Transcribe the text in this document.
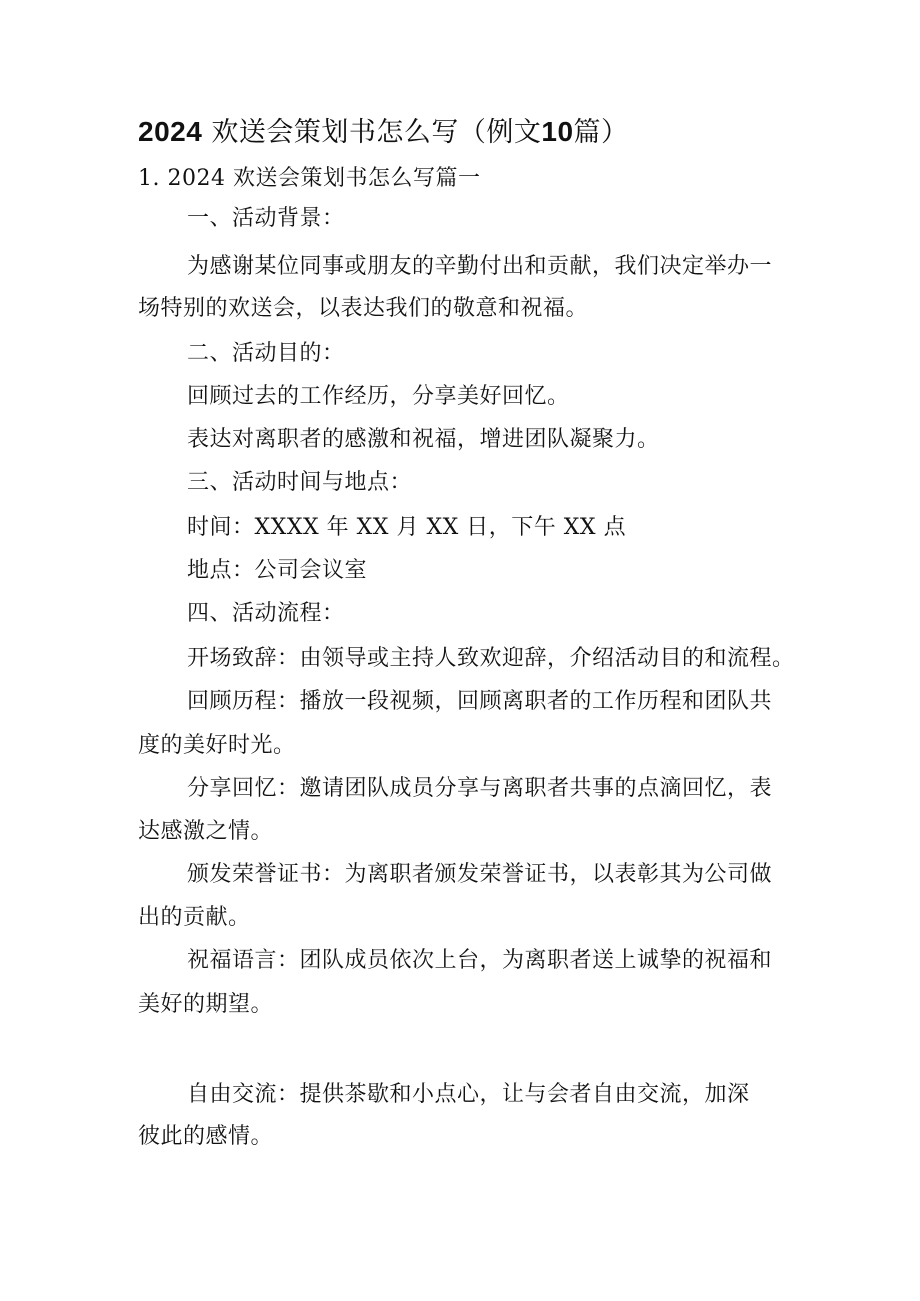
2024 欢送会策划书怎么写（例文10篇）
1. 2024 欢送会策划书怎么写篇一

一、活动背景：

为感谢某位同事或朋友的辛勤付出和贡献，我们决定举办一

场特别的欢送会，以表达我们的敬意和祝福。

二、活动目的：

回顾过去的工作经历，分享美好回忆。

表达对离职者的感激和祝福，增进团队凝聚力。

三、活动时间与地点：

时间：XXXX 年 XX 月 XX 日，下午 XX 点

地点：公司会议室

四、活动流程：

开场致辞：由领导或主持人致欢迎辞，介绍活动目的和流程。

回顾历程：播放一段视频，回顾离职者的工作历程和团队共

度的美好时光。

分享回忆：邀请团队成员分享与离职者共事的点滴回忆，表

达感激之情。

颁发荣誉证书：为离职者颁发荣誉证书，以表彰其为公司做

出的贡献。

祝福语言：团队成员依次上台，为离职者送上诚挚的祝福和

美好的期望。

自由交流：提供茶歇和小点心，让与会者自由交流，加深

彼此的感情。
